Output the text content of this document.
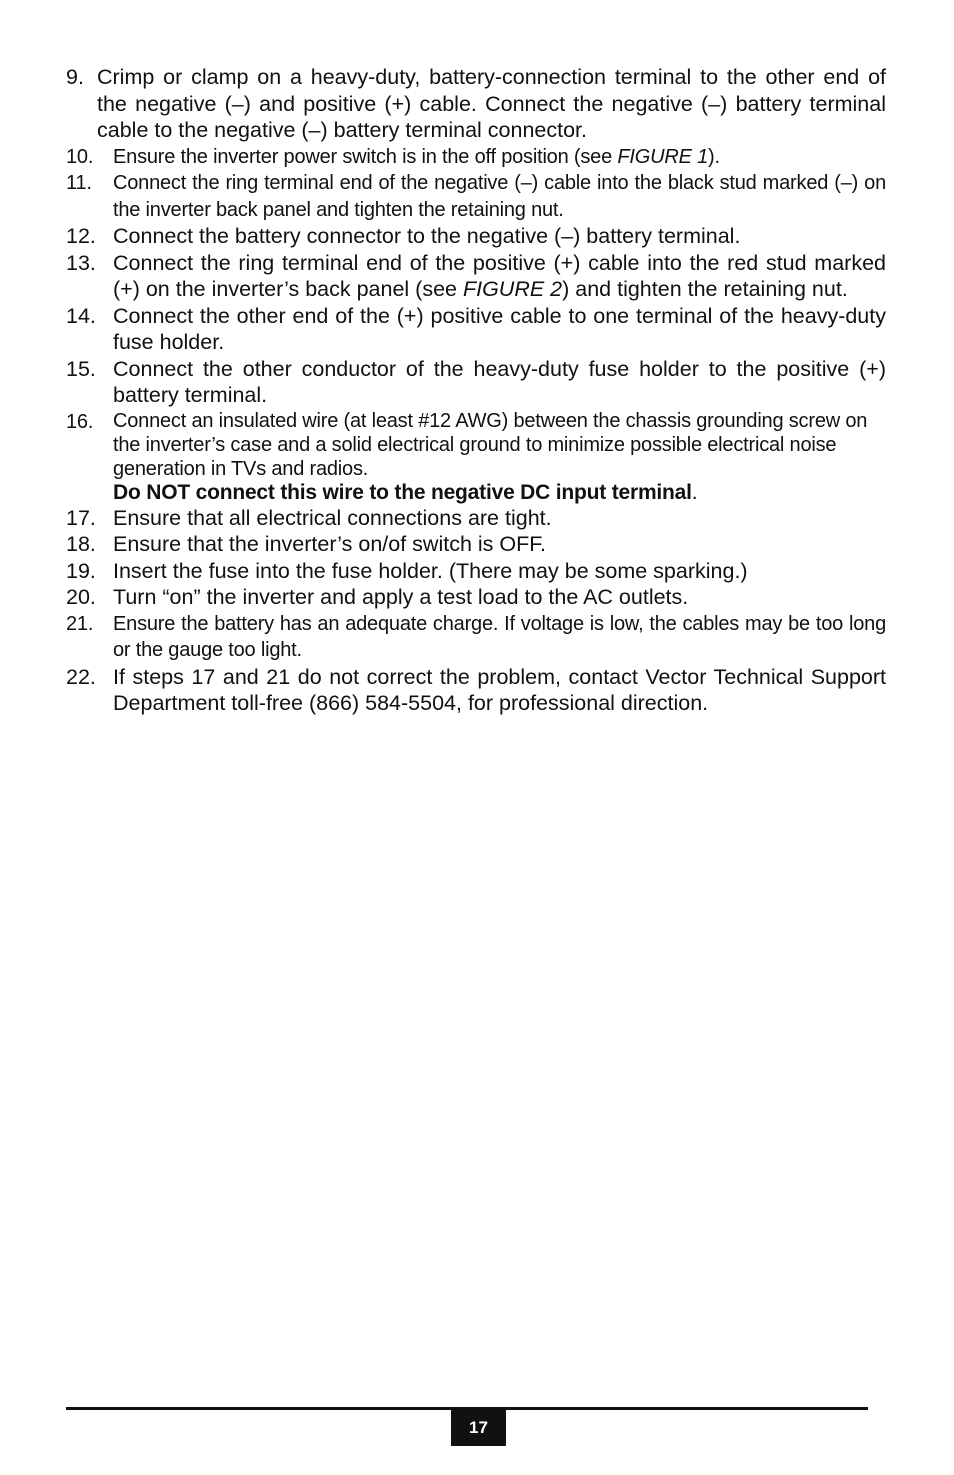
9. Crimp or clamp on a heavy-duty, battery-connection terminal to the other end of the negative (–) and positive (+) cable. Connect the negative (–) battery terminal cable to the negative (–) battery terminal connector.
10. Ensure the inverter power switch is in the off position (see FIGURE 1).
11.	Connect the ring terminal end of the negative (–) cable into the black stud marked (–) on the inverter back panel and tighten the retaining nut.
12. Connect the battery connector to the negative (–) battery terminal.
13. Connect the ring terminal end of the positive (+) cable into the red stud marked (+) on the inverter’s back panel (see FIGURE 2) and tighten the retaining nut.
14. Connect the other end of the (+) positive cable to one terminal of the heavy-duty fuse holder.
15. Connect the other conductor of the heavy-duty fuse holder to the positive (+) battery terminal.
16. Connect an insulated wire (at least #12 AWG) between the chassis grounding screw on the inverter’s case and a solid electrical ground to minimize possible electrical noise generation in TVs and radios.
Do NOT connect this wire to the negative DC input terminal.
17. Ensure that all electrical connections are tight.
18. Ensure that the inverter’s on/of switch is OFF.
19. Insert the fuse into the fuse holder. (There may be some sparking.)
20. Turn “on” the inverter and apply a test load to the AC outlets.
21. Ensure the battery has an adequate charge. If voltage is low, the cables may be too long or the gauge too light.
22. If steps 17 and 21 do not correct the problem, contact Vector Technical Support Department toll-free (866) 584-5504, for professional direction.
17
